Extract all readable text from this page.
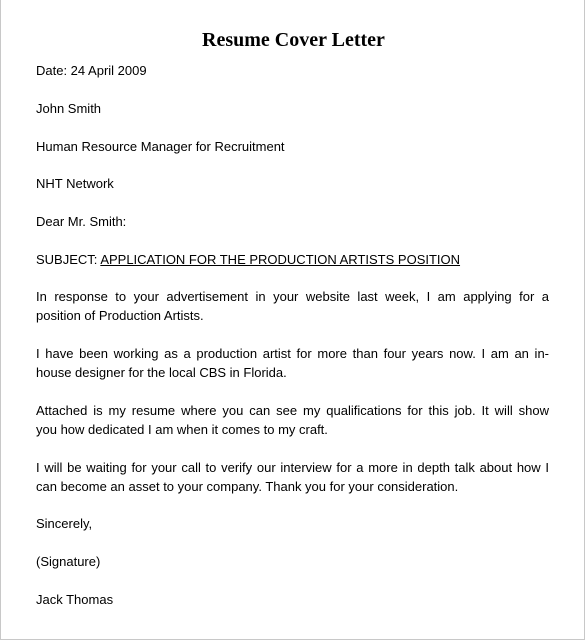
Resume Cover Letter

Date: 24 April 2009

John Smith

Human Resource Manager for Recruitment

NHT Network

Dear Mr. Smith:

SUBJECT: APPLICATION FOR THE PRODUCTION ARTISTS POSITION

In response to your advertisement in your website last week, I am applying for a
position of Production Artists.
I have been working as a production artist for more than four years now. I am an in-
house designer for the local CBS in Florida.
Attached is my resume where you can see my qualifications for this job. It will show
you how dedicated I am when it comes to my craft.
I will be waiting for your call to verify our interview for a more in depth talk about how I
can become an asset to your company. Thank you for your consideration.

Sincerely,

(Signature)

Jack Thomas
